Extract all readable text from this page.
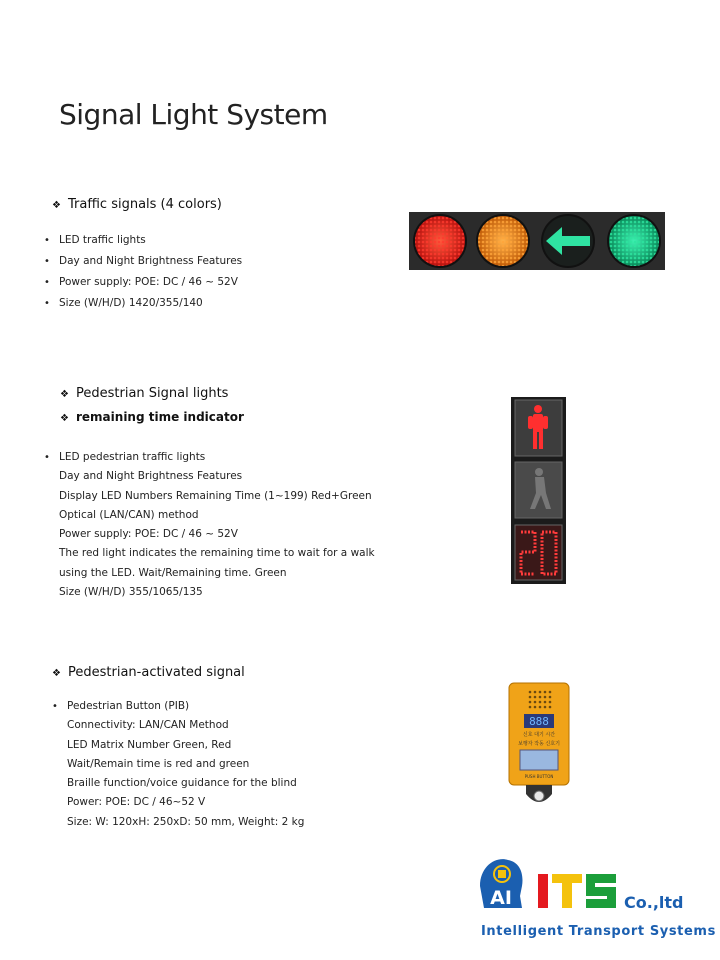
Signal Light System
❖ Traffic signals (4 colors)
• LED traffic lights
• Day and Night Brightness Features
• Power supply: POE: DC / 46 ~ 52V
• Size (W/H/D) 1420/355/140
❖ Pedestrian Signal lights
❖ remaining time indicator
• LED pedestrian traffic lights
Day and Night Brightness Features
Display LED Numbers Remaining Time (1~199) Red+Green
Optical (LAN/CAN) method
Power supply: POE: DC / 46 ~ 52V
The red light indicates the remaining time to wait for a walk
using the LED. Wait/Remaining time. Green
Size (W/H/D) 355/1065/135
❖ Pedestrian-activated signal
• Pedestrian Button (PIB)
Connectivity: LAN/CAN Method
LED Matrix Number Green, Red
Wait/Remain time is red and green
Braille function/voice guidance for the blind
Power: POE: DC / 46~52 V
Size: W: 120xH: 250xD: 50 mm, Weight: 2 kg
888
신호 대기 시간
보행자 작동 신호기
PUSH BUTTON
AI	ITS	Co.,ltd
Intelligent Transport Systems
